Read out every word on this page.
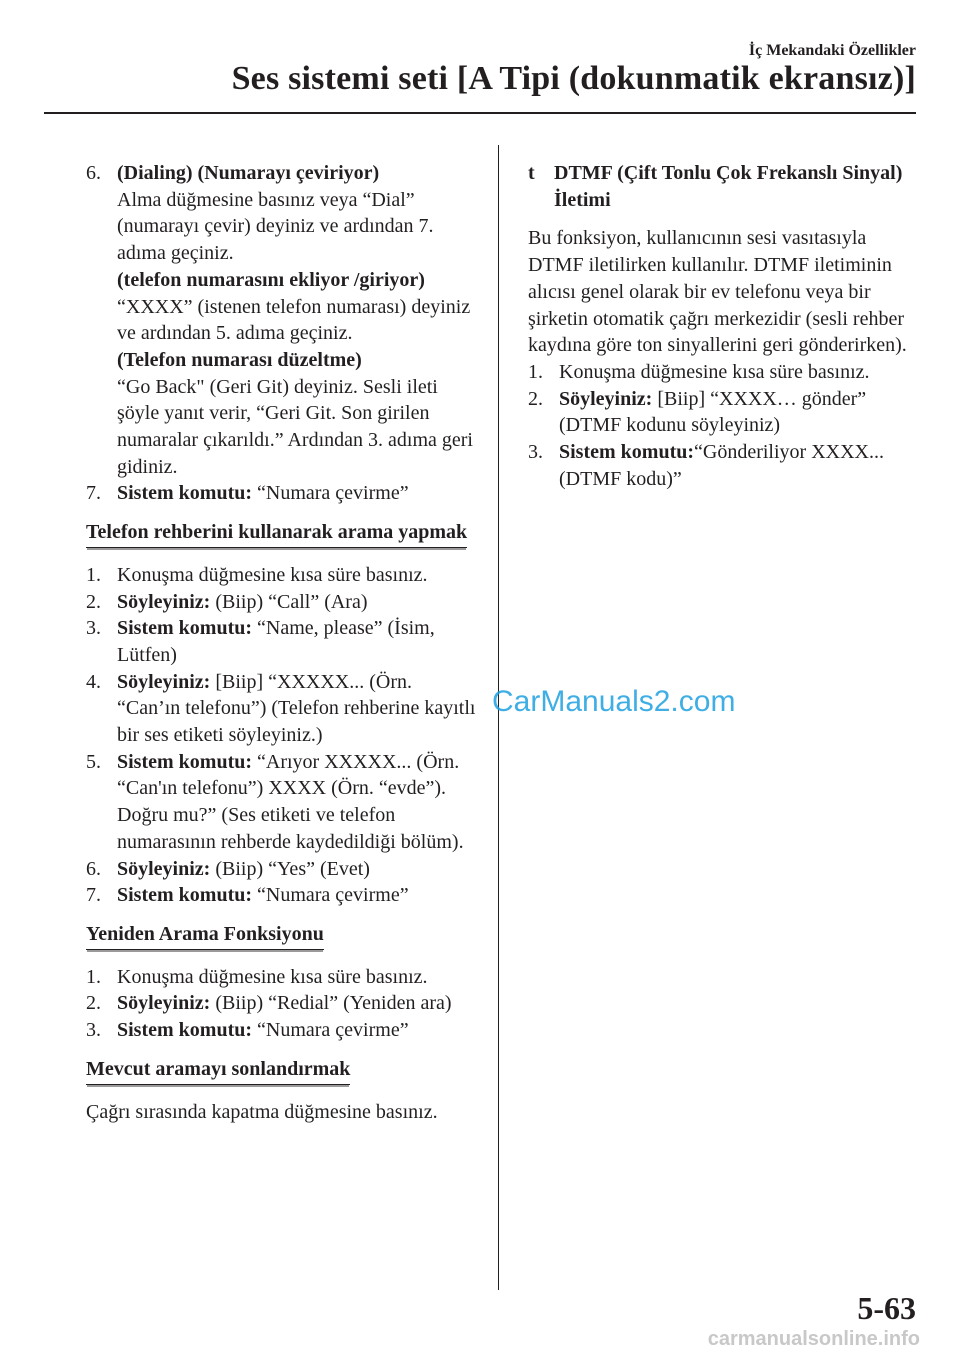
İç Mekandaki Özellikler
Ses sistemi seti [A Tipi (dokunmatik ekransız)]
6. (Dialing) (Numarayı çeviriyor)
Alma düğmesine basınız veya “Dial” (numarayı çevir) deyiniz ve ardından 7. adıma geçiniz.
(telefon numarasını ekliyor /giriyor)
“XXXX” (istenen telefon numarası) deyiniz ve ardından 5. adıma geçiniz.
(Telefon numarası düzeltme)
“Go Back" (Geri Git) deyiniz. Sesli ileti şöyle yanıt verir, “Geri Git. Son girilen numaralar çıkarıldı.” Ardından 3. adıma geri gidiniz.
7. Sistem komutu: “Numara çevirme”
Telefon rehberini kullanarak arama yapmak
1. Konuşma düğmesine kısa süre basınız.
2. Söyleyiniz: (Biip) “Call” (Ara)
3. Sistem komutu: “Name, please” (İsim, Lütfen)
4. Söyleyiniz: [Biip] “XXXXX... (Örn. “Can’ın telefonu”) (Telefon rehberine kayıtlı bir ses etiketi söyleyiniz.)
5. Sistem komutu: “Arıyor XXXXX... (Örn. “Can'ın telefonu”) XXXX (Örn. “evde”). Doğru mu?” (Ses etiketi ve telefon numarasının rehberde kaydedildiği bölüm).
6. Söyleyiniz: (Biip) “Yes” (Evet)
7. Sistem komutu: “Numara çevirme”
Yeniden Arama Fonksiyonu
1. Konuşma düğmesine kısa süre basınız.
2. Söyleyiniz: (Biip) “Redial” (Yeniden ara)
3. Sistem komutu: “Numara çevirme”
Mevcut aramayı sonlandırmak

Çağrı sırasında kapatma düğmesine basınız.

t DTMF (Çift Tonlu Çok Frekanslı Sinyal) İletimi

Bu fonksiyon, kullanıcının sesi vasıtasıyla DTMF iletilirken kullanılır. DTMF iletiminin alıcısı genel olarak bir ev telefonu veya bir şirketin otomatik çağrı merkezidir (sesli rehber kaydına göre ton sinyallerini geri gönderirken).

1. Konuşma düğmesine kısa süre basınız.
2. Söyleyiniz: [Biip] “XXXX… gönder” (DTMF kodunu söyleyiniz)
3. Sistem komutu:“Gönderiliyor XXXX... (DTMF kodu)”
CarManuals2.com
5-63
carmanualsonline.info
